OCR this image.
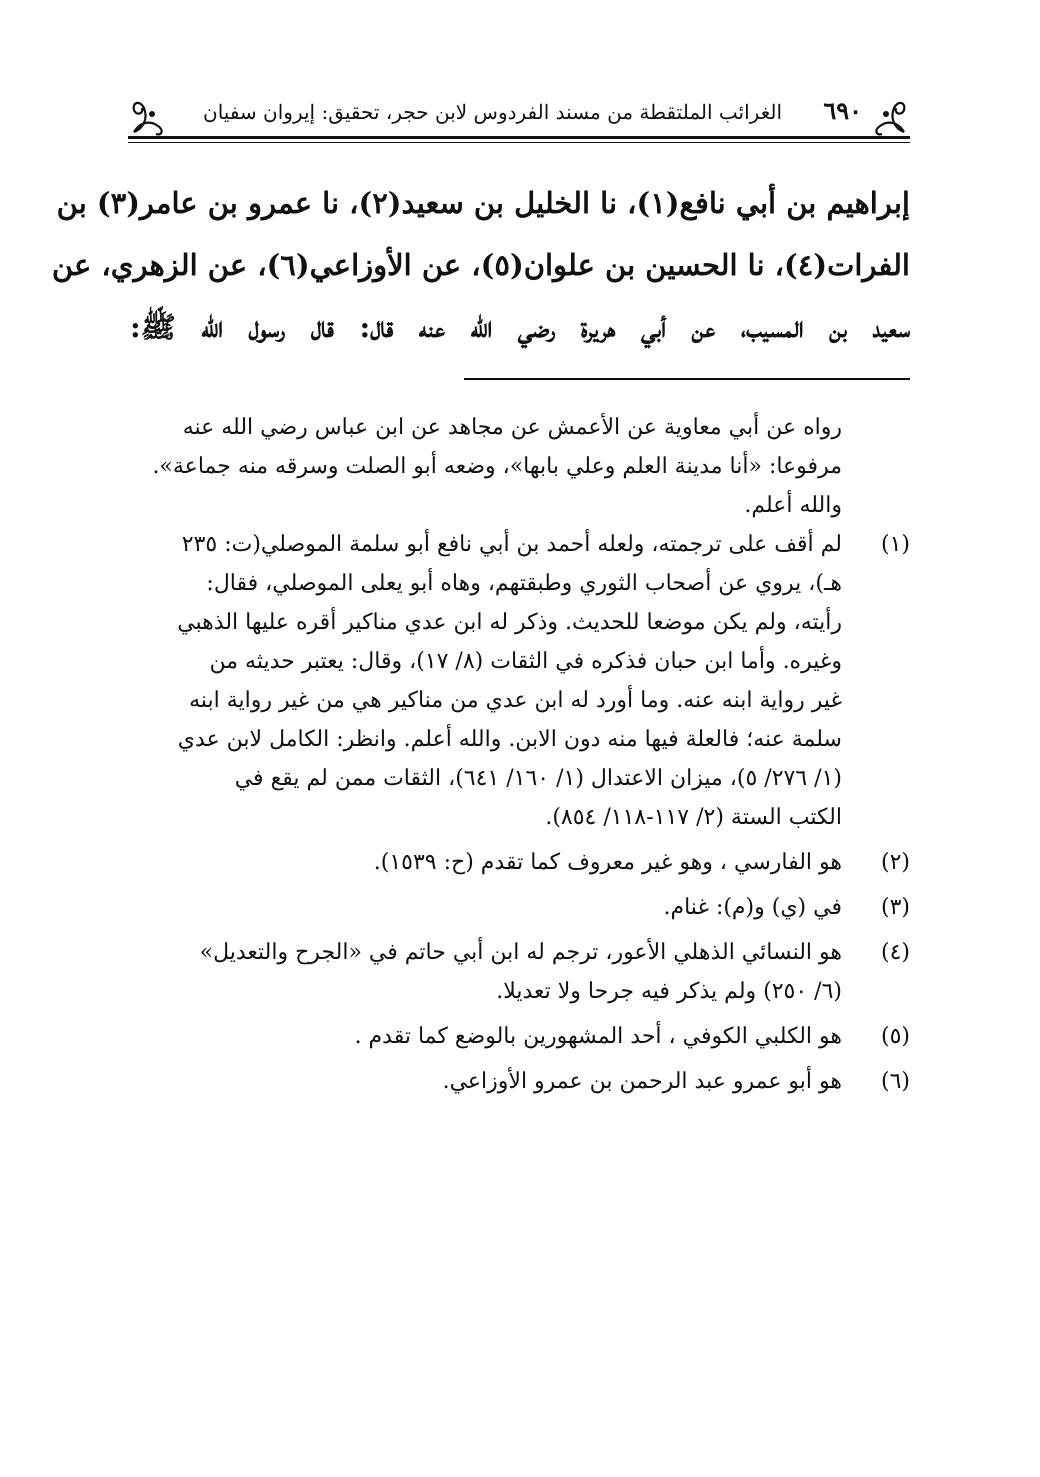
٦٩٠
الغرائب الملتقطة من مسند الفردوس لابن حجر، تحقيق: إيروان سفيان
إبراهيم بن أبي نافع(١)، نا الخليل بن سعيد(٢)، نا عمرو بن عامر(٣) بن
الفرات(٤)، نا الحسين بن علوان(٥)، عن الأوزاعي(٦)، عن الزهري، عن
سعيد بن المسيب، عن أبي هريرة رضي الله عنه قال: قال رسول الله ﷺ:
رواه عن أبي معاوية عن الأعمش عن مجاهد عن ابن عباس رضي الله عنه
مرفوعا: «أنا مدينة العلم وعلي بابها»، وضعه أبو الصلت وسرقه منه جماعة».
والله أعلم.
(١)
لم أقف على ترجمته، ولعله أحمد بن أبي نافع أبو سلمة الموصلي(ت: ٢٣٥
هـ)، يروي عن أصحاب الثوري وطبقتهم، وهاه أبو يعلى الموصلي، فقال:
رأيته، ولم يكن موضعا للحديث. وذكر له ابن عدي مناكير أقره عليها الذهبي
وغيره. وأما ابن حبان فذكره في الثقات (٨/ ١٧)، وقال: يعتبر حديثه من
غير رواية ابنه عنه. وما أورد له ابن عدي من مناكير هي من غير رواية ابنه
سلمة عنه؛ فالعلة فيها منه دون الابن. والله أعلم. وانظر: الكامل لابن عدي
(١/ ٢٧٦/ ٥)، ميزان الاعتدال (١/ ١٦٠/ ٦٤١)، الثقات ممن لم يقع في
الكتب الستة (٢/ ١١٧-١١٨/ ٨٥٤).
(٢)
هو الفارسي ، وهو غير معروف كما تقدم (ح: ١٥٣٩).
(٣)
في (ي) و(م): غنام.
(٤)
هو النسائي الذهلي الأعور، ترجم له ابن أبي حاتم في «الجرح والتعديل»
(٦/ ٢٥٠) ولم يذكر فيه جرحا ولا تعديلا.
(٥)
هو الكلبي الكوفي ، أحد المشهورين بالوضع كما تقدم .
(٦)
هو أبو عمرو عبد الرحمن بن عمرو الأوزاعي.
